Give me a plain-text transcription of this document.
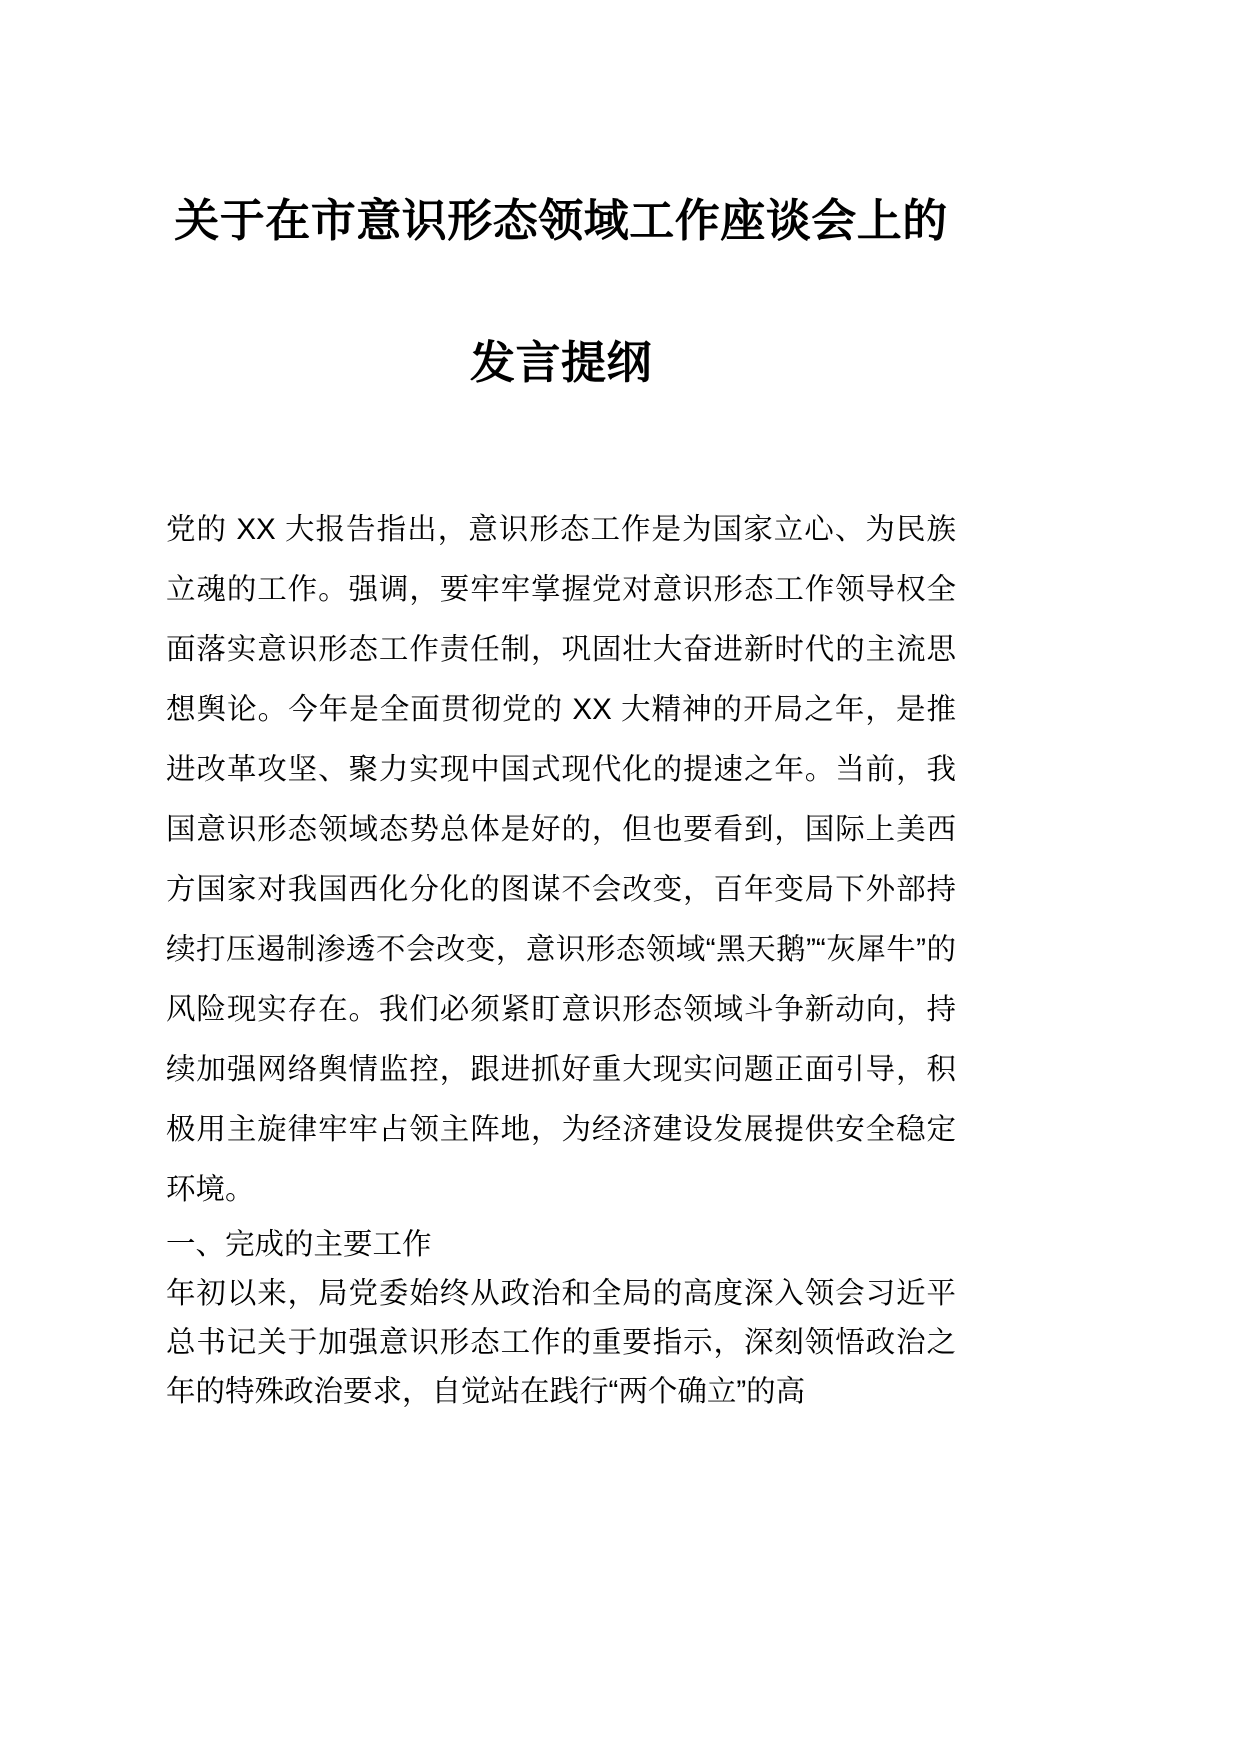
关于在市意识形态领域工作座谈会上的发言提纲

党的 XX 大报告指出，意识形态工作是为国家立心、为民族立魂的工作。强调，要牢牢掌握党对意识形态工作领导权全面落实意识形态工作责任制，巩固壮大奋进新时代的主流思想舆论。今年是全面贯彻党的 XX 大精神的开局之年，是推进改革攻坚、聚力实现中国式现代化的提速之年。当前，我国意识形态领域态势总体是好的，但也要看到，国际上美西方国家对我国西化分化的图谋不会改变，百年变局下外部持续打压遏制渗透不会改变，意识形态领域“黑天鹅”“灰犀牛”的风险现实存在。我们必须紧盯意识形态领域斗争新动向，持续加强网络舆情监控，跟进抓好重大现实问题正面引导，积极用主旋律牢牢占领主阵地，为经济建设发展提供安全稳定环境。

一、完成的主要工作

年初以来，局党委始终从政治和全局的高度深入领会习近平总书记关于加强意识形态工作的重要指示，深刻领悟政治之年的特殊政治要求，自觉站在践行“两个确立”的高
